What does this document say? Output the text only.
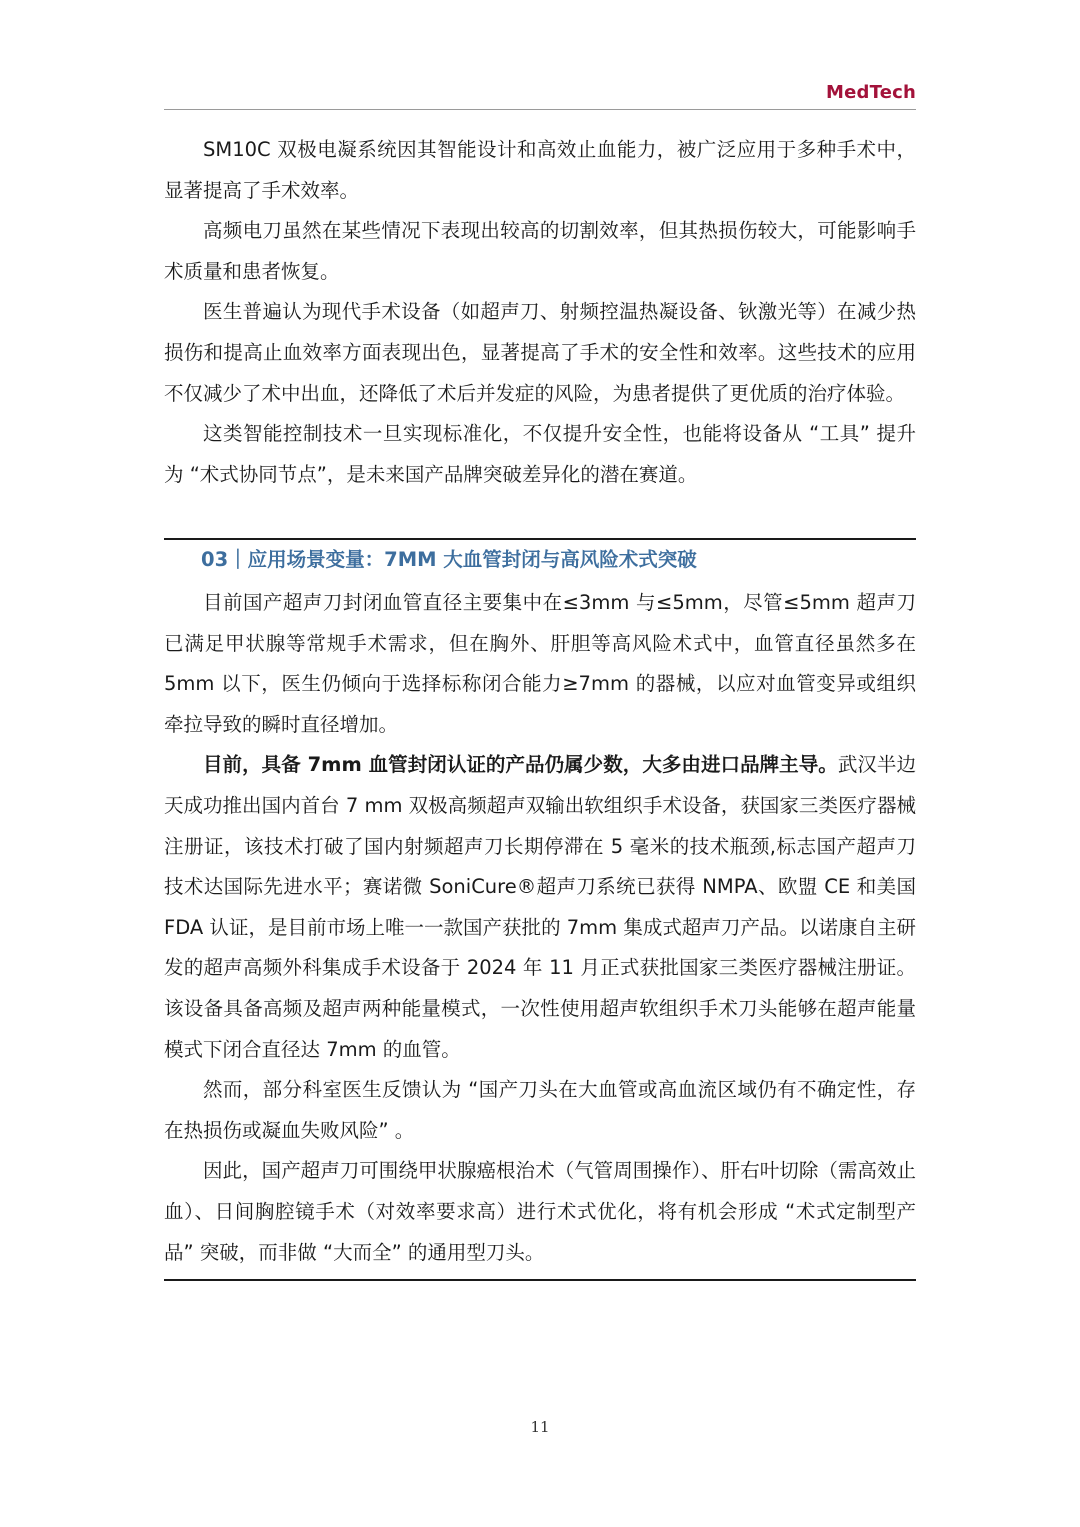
MedTech

SM10C 双极电凝系统因其智能设计和高效止血能力，被广泛应用于多种手术中，显著提高了手术效率。

高频电刀虽然在某些情况下表现出较高的切割效率，但其热损伤较大，可能影响手术质量和患者恢复。

医生普遍认为现代手术设备（如超声刀、射频控温热凝设备、钬激光等）在减少热损伤和提高止血效率方面表现出色，显著提高了手术的安全性和效率。这些技术的应用不仅减少了术中出血，还降低了术后并发症的风险，为患者提供了更优质的治疗体验。

这类智能控制技术一旦实现标准化，不仅提升安全性，也能将设备从 “工具” 提升为 “术式协同节点”，是未来国产品牌突破差异化的潜在赛道。

03｜应用场景变量：7MM 大血管封闭与高风险术式突破

目前国产超声刀封闭血管直径主要集中在≤3mm 与≤5mm，尽管≤5mm 超声刀已满足甲状腺等常规手术需求，但在胸外、肝胆等高风险术式中，血管直径虽然多在 5mm 以下，医生仍倾向于选择标称闭合能力≥7mm 的器械，以应对血管变异或组织牵拉导致的瞬时直径增加。

目前，具备 7mm 血管封闭认证的产品仍属少数，大多由进口品牌主导。武汉半边天成功推出国内首台 7 mm 双极高频超声双输出软组织手术设备，获国家三类医疗器械注册证，该技术打破了国内射频超声刀长期停滞在 5 毫米的技术瓶颈,标志国产超声刀技术达国际先进水平；赛诺微 SoniCure®超声刀系统已获得 NMPA、欧盟 CE 和美国 FDA 认证，是目前市场上唯一一款国产获批的 7mm 集成式超声刀产品。以诺康自主研发的超声高频外科集成手术设备于 2024 年 11 月正式获批国家三类医疗器械注册证。该设备具备高频及超声两种能量模式，一次性使用超声软组织手术刀头能够在超声能量模式下闭合直径达 7mm 的血管。

然而，部分科室医生反馈认为 “国产刀头在大血管或高血流区域仍有不确定性，存在热损伤或凝血失败风险” 。

因此，国产超声刀可围绕甲状腺癌根治术（气管周围操作）、肝右叶切除（需高效止血）、日间胸腔镜手术（对效率要求高）进行术式优化，将有机会形成 “术式定制型产品” 突破，而非做 “大而全” 的通用型刀头。

11
